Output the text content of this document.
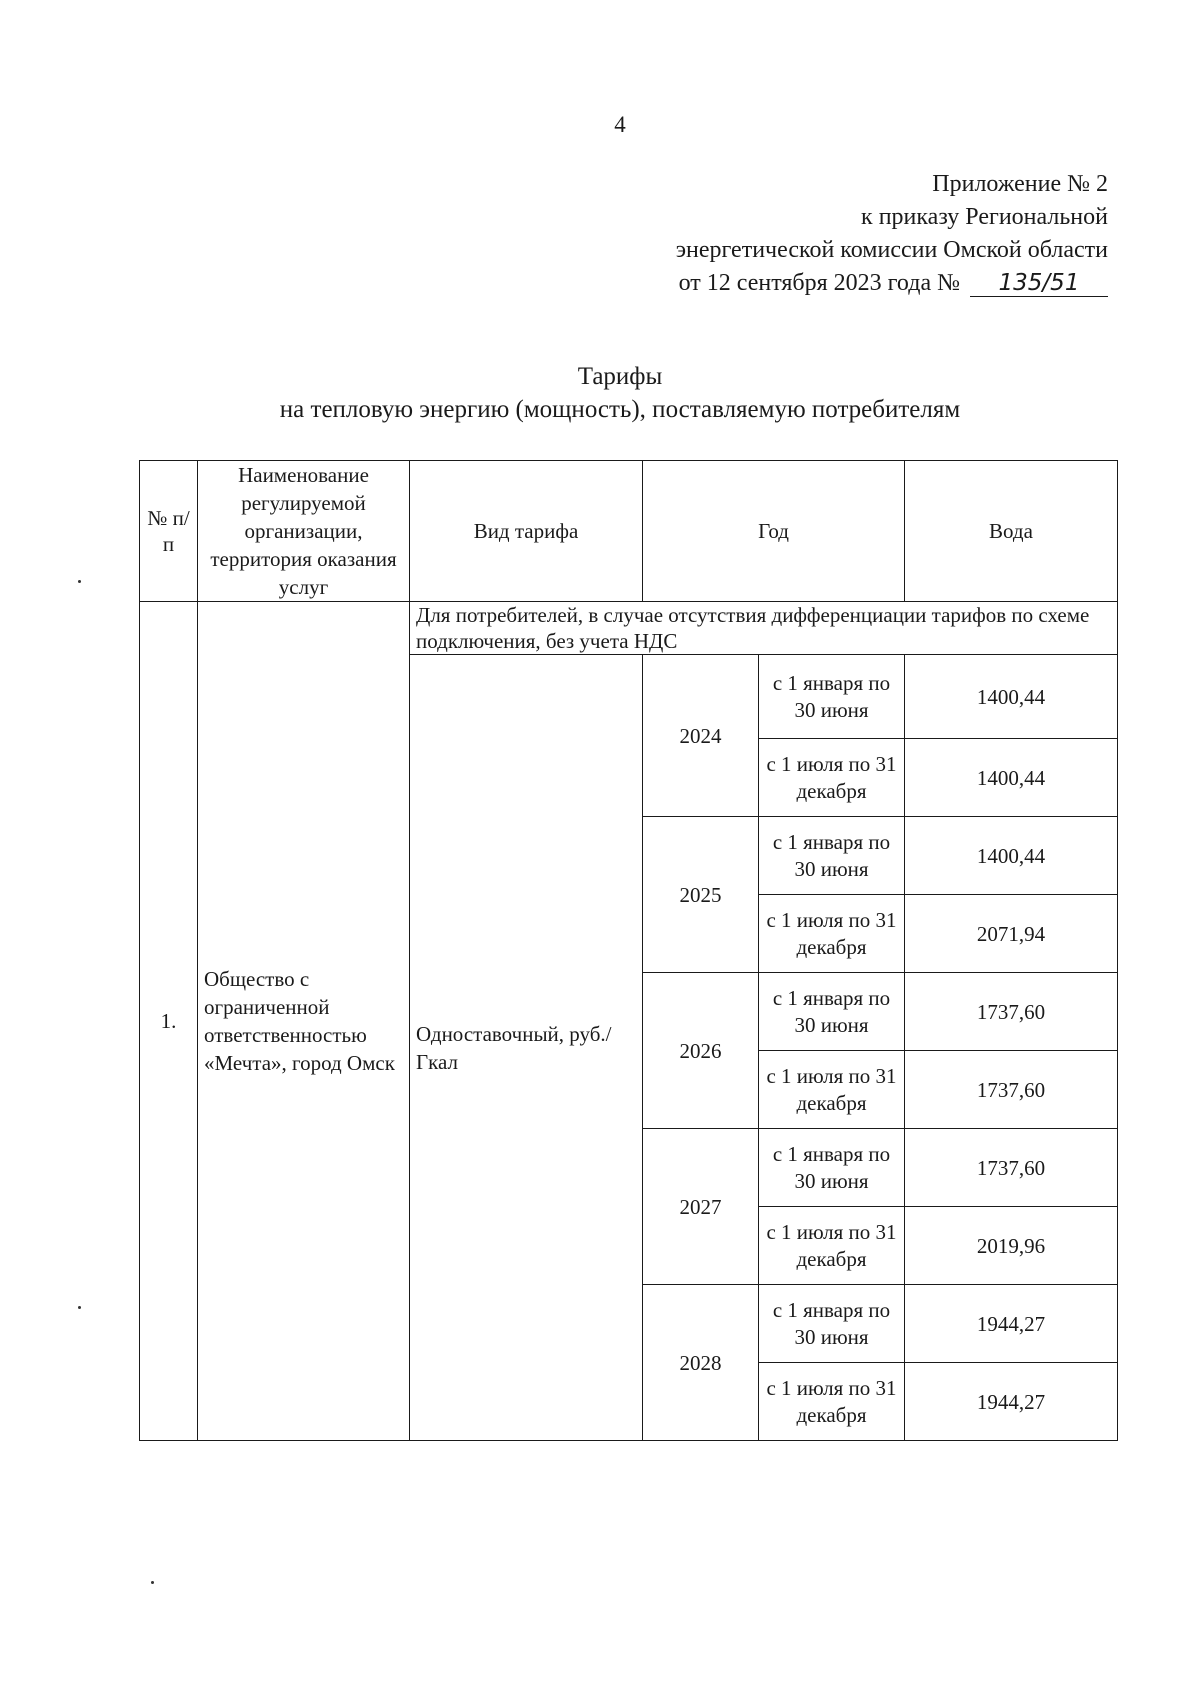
4
Приложение № 2
к приказу Региональной
энергетической комиссии Омской области
от 12 сентября 2023 года № 135/51
Тарифы
на тепловую энергию (мощность), поставляемую потребителям
№ п/п	Наименование регулируемой организации, территория оказания услуг	Вид тарифа	Год		Вода
1.	Общество с ограниченной ответственностью «Мечта», город Омск	Для потребителей, в случае отсутствия дифференциации тарифов по схеме подключения, без учета НДС			
		Одноставочный, руб./Гкал	2024	с 1 января по 30 июня	1400,44
				с 1 июля по 31 декабря	1400,44
			2025	с 1 января по 30 июня	1400,44
				с 1 июля по 31 декабря	2071,94
			2026	с 1 января по 30 июня	1737,60
				с 1 июля по 31 декабря	1737,60
			2027	с 1 января по 30 июня	1737,60
				с 1 июля по 31 декабря	2019,96
			2028	с 1 января по 30 июня	1944,27
				с 1 июля по 31 декабря	1944,27
